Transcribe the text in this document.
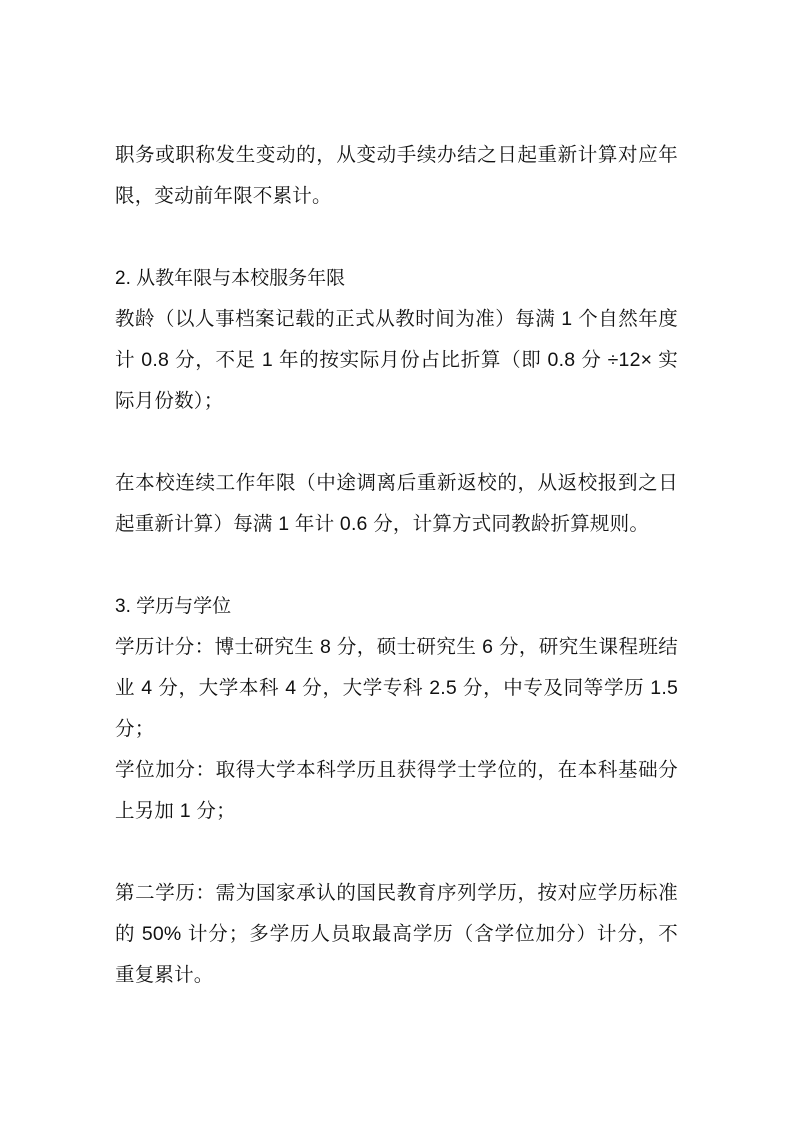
职务或职称发生变动的，从变动手续办结之日起重新计算对应年限，变动前年限不累计。

2. 从教年限与本校服务年限

教龄（以人事档案记载的正式从教时间为准）每满 1 个自然年度计 0.8 分，不足 1 年的按实际月份占比折算（即 0.8 分 ÷12× 实际月份数）；

在本校连续工作年限（中途调离后重新返校的，从返校报到之日起重新计算）每满 1 年计 0.6 分，计算方式同教龄折算规则。

3. 学历与学位

学历计分：博士研究生 8 分，硕士研究生 6 分，研究生课程班结业 4 分，大学本科 4 分，大学专科 2.5 分，中专及同等学历 1.5 分；

学位加分：取得大学本科学历且获得学士学位的，在本科基础分上另加 1 分；

第二学历：需为国家承认的国民教育序列学历，按对应学历标准的 50% 计分；多学历人员取最高学历（含学位加分）计分，不重复累计。
